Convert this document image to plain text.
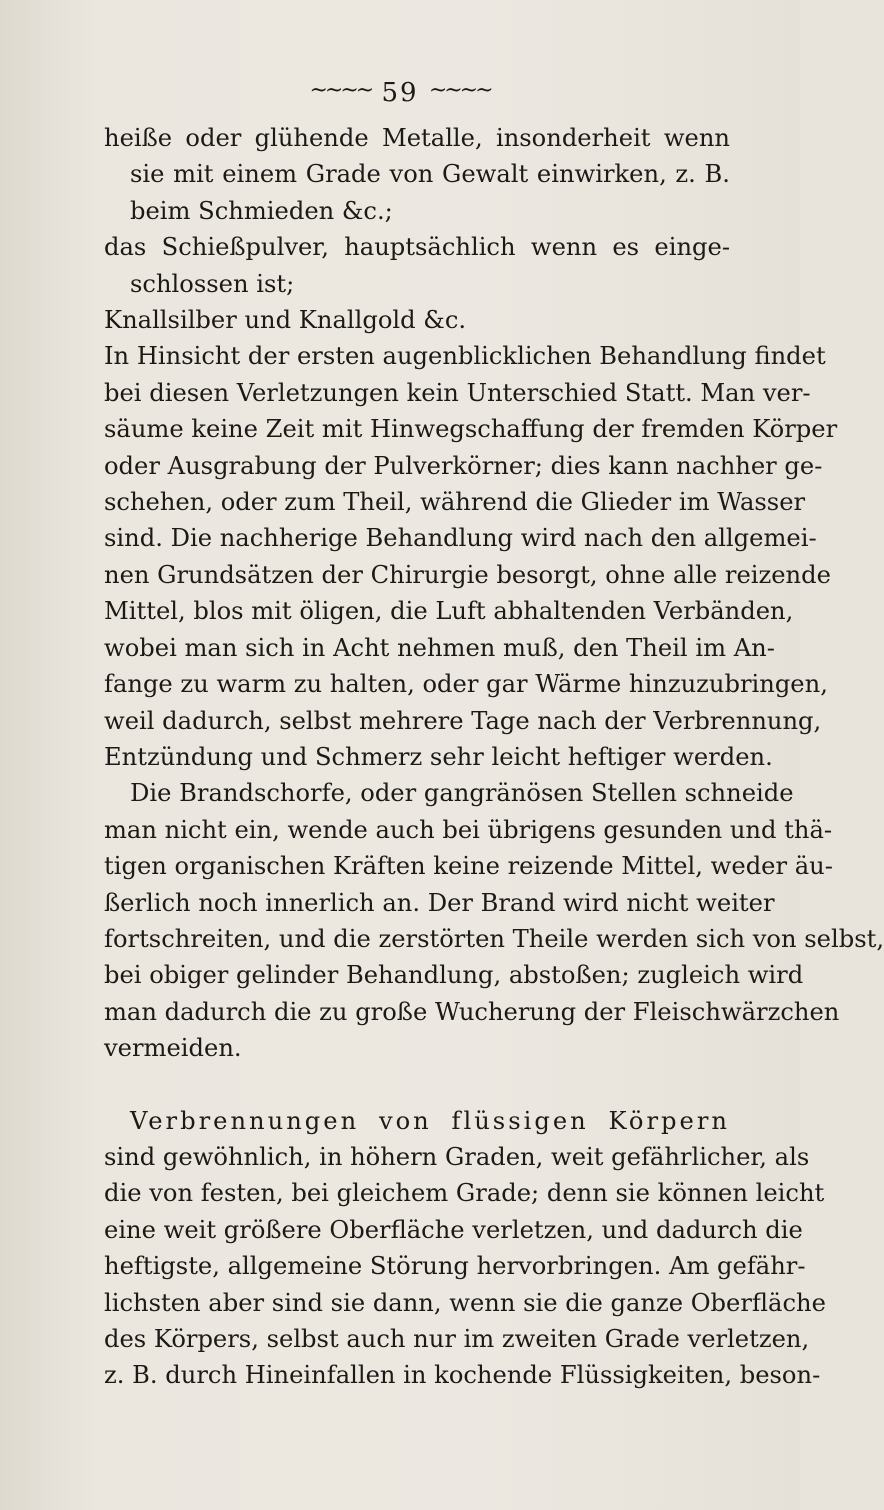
~~~~ 59 ~~~~
heiße oder glühende Metalle, insonderheit wenn
sie mit einem Grade von Gewalt einwirken, z. B.
beim Schmieden &c.;
das Schießpulver, hauptsächlich wenn es einge-
schlossen ist;
Knallsilber und Knallgold &c.
In Hinsicht der ersten augenblicklichen Behandlung findet
bei diesen Verletzungen kein Unterschied Statt. Man ver-
säume keine Zeit mit Hinwegschaffung der fremden Körper
oder Ausgrabung der Pulverkörner; dies kann nachher ge-
schehen, oder zum Theil, während die Glieder im Wasser
sind. Die nachherige Behandlung wird nach den allgemei-
nen Grundsätzen der Chirurgie besorgt, ohne alle reizende
Mittel, blos mit öligen, die Luft abhaltenden Verbänden,
wobei man sich in Acht nehmen muß, den Theil im An-
fange zu warm zu halten, oder gar Wärme hinzuzubringen,
weil dadurch, selbst mehrere Tage nach der Verbrennung,
Entzündung und Schmerz sehr leicht heftiger werden.
Die Brandschorfe, oder gangränösen Stellen schneide
man nicht ein, wende auch bei übrigens gesunden und thä-
tigen organischen Kräften keine reizende Mittel, weder äu-
ßerlich noch innerlich an. Der Brand wird nicht weiter
fortschreiten, und die zerstörten Theile werden sich von selbst,
bei obiger gelinder Behandlung, abstoßen; zugleich wird
man dadurch die zu große Wucherung der Fleischwärzchen
vermeiden.
Verbrennungen von flüssigen Körpern
sind gewöhnlich, in höhern Graden, weit gefährlicher, als
die von festen, bei gleichem Grade; denn sie können leicht
eine weit größere Oberfläche verletzen, und dadurch die
heftigste, allgemeine Störung hervorbringen. Am gefähr-
lichsten aber sind sie dann, wenn sie die ganze Oberfläche
des Körpers, selbst auch nur im zweiten Grade verletzen,
z. B. durch Hineinfallen in kochende Flüssigkeiten, beson-
